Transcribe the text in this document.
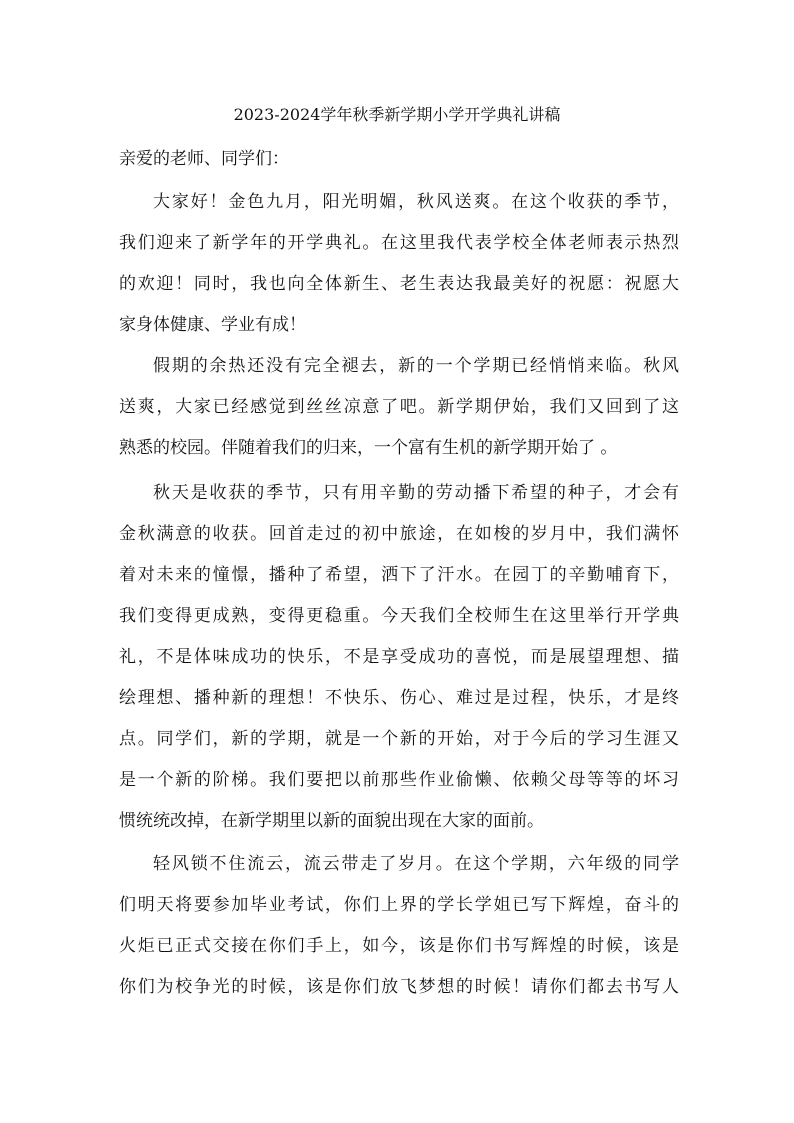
2023-2024学年秋季新学期小学开学典礼讲稿
亲爱的老师、同学们：
大家好！金色九月，阳光明媚，秋风送爽。在这个收获的季节，
我们迎来了新学年的开学典礼。在这里我代表学校全体老师表示热烈
的欢迎！同时，我也向全体新生、老生表达我最美好的祝愿：祝愿大
家身体健康、学业有成！
假期的余热还没有完全褪去，新的一个学期已经悄悄来临。秋风
送爽，大家已经感觉到丝丝凉意了吧。新学期伊始，我们又回到了这
熟悉的校园。伴随着我们的归来，一个富有生机的新学期开始了 。
秋天是收获的季节，只有用辛勤的劳动播下希望的种子，才会有
金秋满意的收获。回首走过的初中旅途，在如梭的岁月中，我们满怀
着对未来的憧憬，播种了希望，洒下了汗水。在园丁的辛勤哺育下，
我们变得更成熟，变得更稳重。今天我们全校师生在这里举行开学典
礼，不是体味成功的快乐，不是享受成功的喜悦，而是展望理想、描
绘理想、播种新的理想！不快乐、伤心、难过是过程，快乐，才是终
点。同学们，新的学期，就是一个新的开始，对于今后的学习生涯又
是一个新的阶梯。我们要把以前那些作业偷懒、依赖父母等等的坏习
惯统统改掉，在新学期里以新的面貌出现在大家的面前。
轻风锁不住流云，流云带走了岁月。在这个学期，六年级的同学
们明天将要参加毕业考试，你们上界的学长学姐已写下辉煌，奋斗的
火炬已正式交接在你们手上，如今，该是你们书写辉煌的时候，该是
你们为校争光的时候，该是你们放飞梦想的时候！请你们都去书写人
